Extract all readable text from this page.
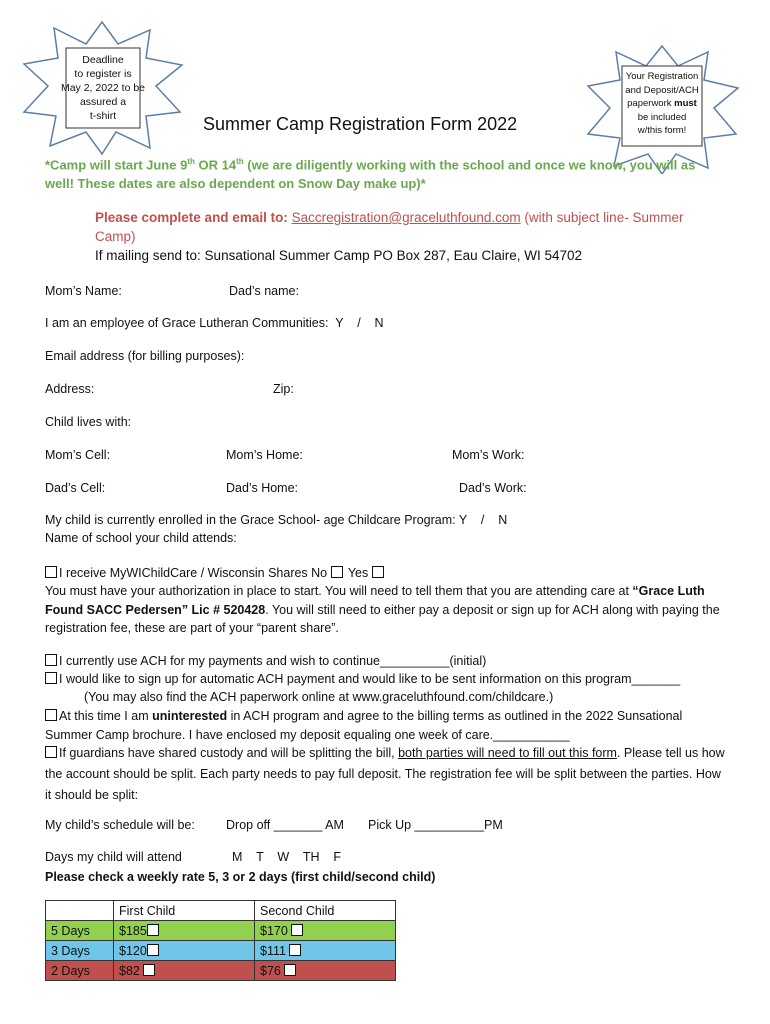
Deadline
to register is
May 2, 2022 to be
assured a
t-shirt
Your Registration
and Deposit/ACH
paperwork must
be included
w/this form!
Summer Camp Registration Form 2022
*Camp will start June 9th OR 14th (we are diligently working with the school and once we know, you will as
well! These dates are also dependent on Snow Day make up)*
Please complete and email to: Saccregistration@graceluthfound.com (with subject line- Summer
Camp)
If mailing send to: Sunsational Summer Camp PO Box 287, Eau Claire, WI 54702
Mom’s Name:	Dad’s name:
I am an employee of Grace Lutheran Communities:  Y    /    N
Email address (for billing purposes):
Address:	Zip:
Child lives with:
Mom’s Cell:	Mom’s Home:	Mom’s Work:
Dad’s Cell:	Dad’s Home:	Dad’s Work:
My child is currently enrolled in the Grace School- age Childcare Program: Y    /    N
Name of school your child attends:
I receive MyWIChildCare / Wisconsin Shares No  Yes
You must have your authorization in place to start. You will need to tell them that you are attending care at “Grace Luth Found SACC Pedersen” Lic # 520428. You will still need to either pay a deposit or sign up for ACH along with paying the registration fee, these are part of your “parent share”.
I currently use ACH for my payments and wish to continue__________(initial)
I would like to sign up for automatic ACH payment and would like to be sent information on this program_______
(You may also find the ACH paperwork online at www.graceluthfound.com/childcare.)
At this time I am uninterested in ACH program and agree to the billing terms as outlined in the 2022 Sunsational Summer Camp brochure. I have enclosed my deposit equaling one week of care.___________
If guardians have shared custody and will be splitting the bill, both parties will need to fill out this form. Please tell us how the account should be split. Each party needs to pay full deposit. The registration fee will be split between the parties. How it should be split:
My child’s schedule will be: Drop off _______ AM Pick Up __________PM
Days my child will attend	M    T    W    TH    F
Please check a weekly rate 5, 3 or 2 days (first child/second child)
	First Child	Second Child
5 Days	$185	$170
3 Days	$120	$111
2 Days	$82	$76
